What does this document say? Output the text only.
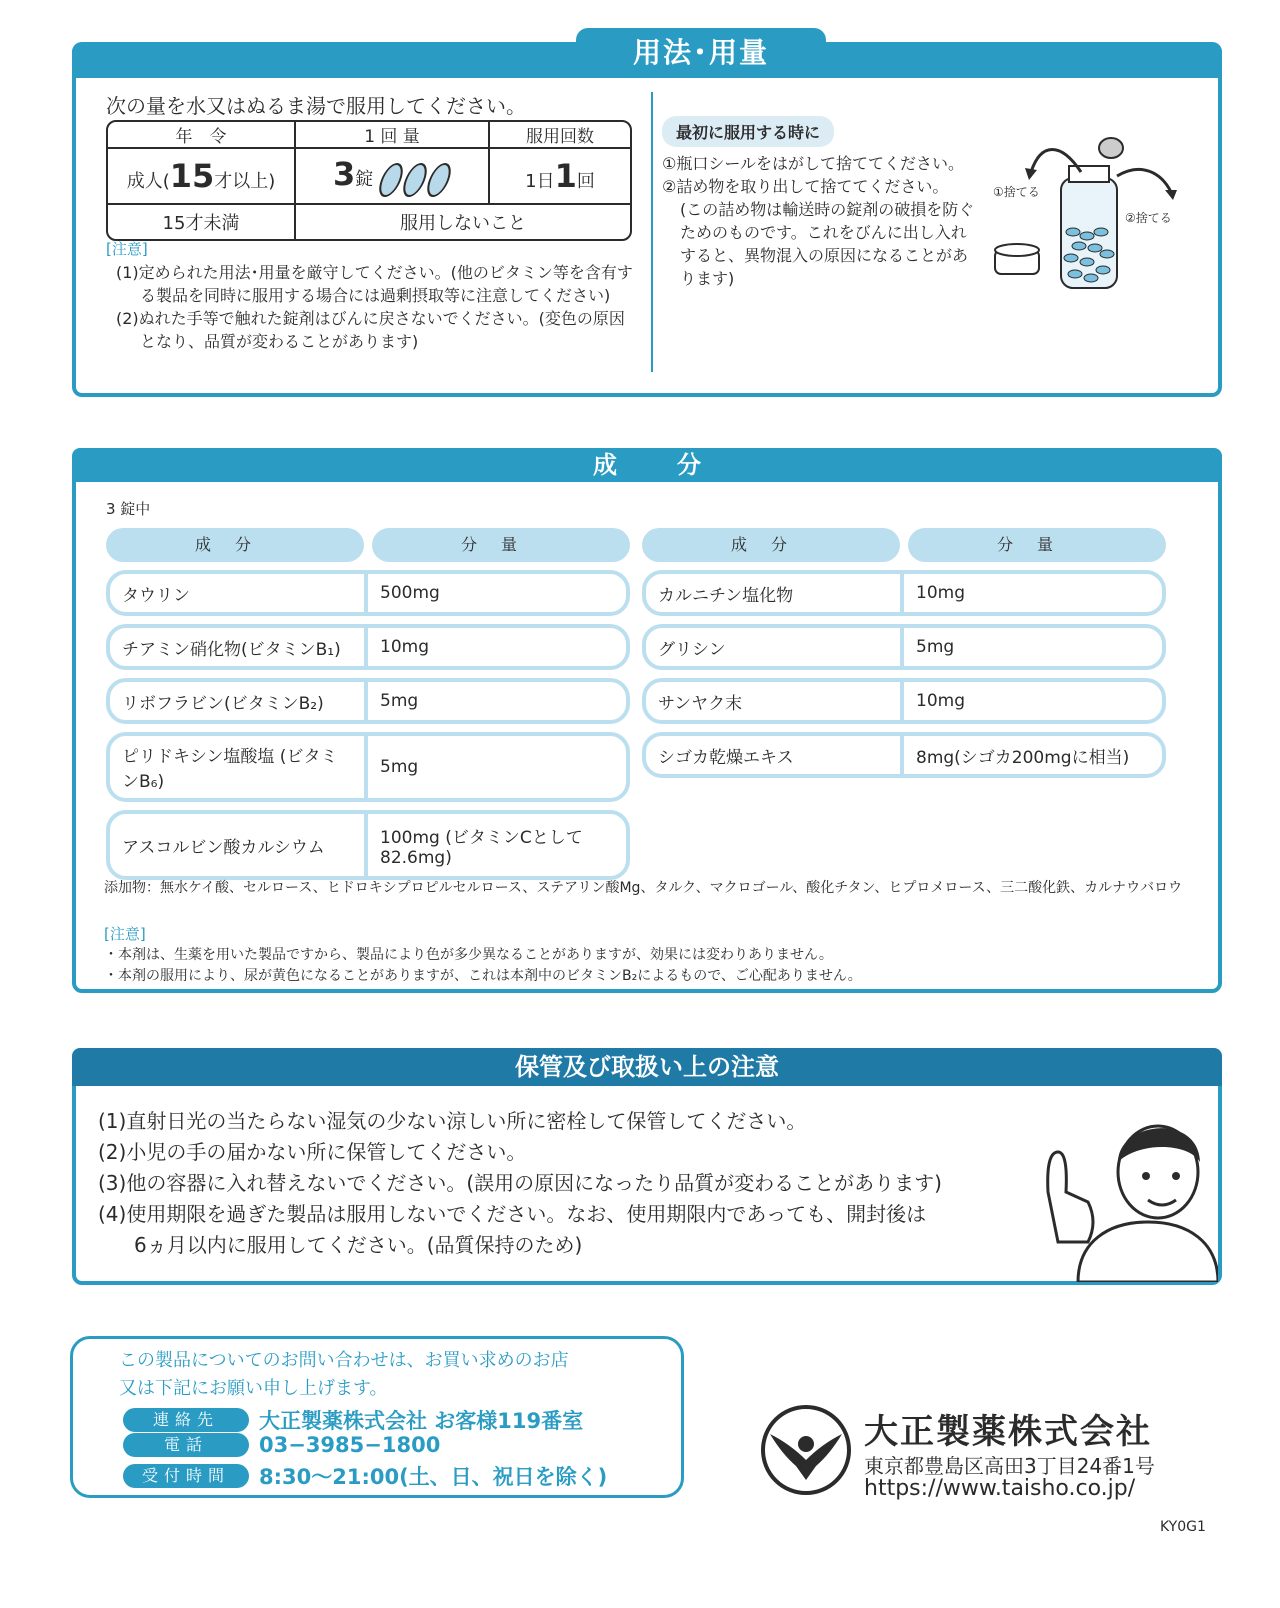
用法･用量
次の量を水又はぬるま湯で服用してください。
年　令	1 回 量	服用回数
成人(15才以上)	3錠	1日1回
15才未満	服用しないこと	
[注意]
(1)定められた用法･用量を厳守してください。(他のビタミン等を含有する製品を同時に服用する場合には過剰摂取等に注意してください)
(2)ぬれた手等で触れた錠剤はびんに戻さないでください。(変色の原因となり、品質が変わることがあります)
最初に服用する時に
①瓶口シールをはがして捨ててください。
②詰め物を取り出して捨ててください。
(この詰め物は輸送時の錠剤の破損を防ぐためのものです。これをびんに出し入れすると、異物混入の原因になることがあります)
①捨てる
②捨てる
成分
3 錠中
成分	分量	成分	分量
タウリン	500mg
チアミン硝化物(ビタミンB₁) 10mg
リボフラビン(ビタミンB₂)	5mg
ピリドキシン塩酸塩 (ビタミンB₆)
5mg
アスコルビン酸カルシウム	100mg (ビタミンCとして82.6mg)
カルニチン塩化物	10mg
グリシン	5mg
サンヤク末	10mg
シゴカ乾燥エキス	8mg(シゴカ200mgに相当)
添加物：無水ケイ酸、セルロース、ヒドロキシプロピルセルロース、ステアリン酸Mg、タルク、マクロゴール、酸化チタン、ヒプロメロース、三二酸化鉄、カルナウバロウ
[注意]
・本剤は、生薬を用いた製品ですから、製品により色が多少異なることがありますが、効果には変わりありません。
・本剤の服用により、尿が黄色になることがありますが、これは本剤中のビタミンB₂によるもので、ご心配ありません。
保管及び取扱い上の注意
(1)直射日光の当たらない湿気の少ない涼しい所に密栓して保管してください。
(2)小児の手の届かない所に保管してください。
(3)他の容器に入れ替えないでください。(誤用の原因になったり品質が変わることがあります)
(4)使用期限を過ぎた製品は服用しないでください。なお、使用期限内であっても、開封後は
6ヵ月以内に服用してください。(品質保持のため)
この製品についてのお問い合わせは、お買い求めのお店
又は下記にお願い申し上げます。
連絡先	大正製薬株式会社 お客様119番室
電話	03−3985−1800
受付時間	8:30〜21:00(土、日、祝日を除く)
大正製薬株式会社
東京都豊島区高田3丁目24番1号
https://www.taisho.co.jp/
KY0G1
